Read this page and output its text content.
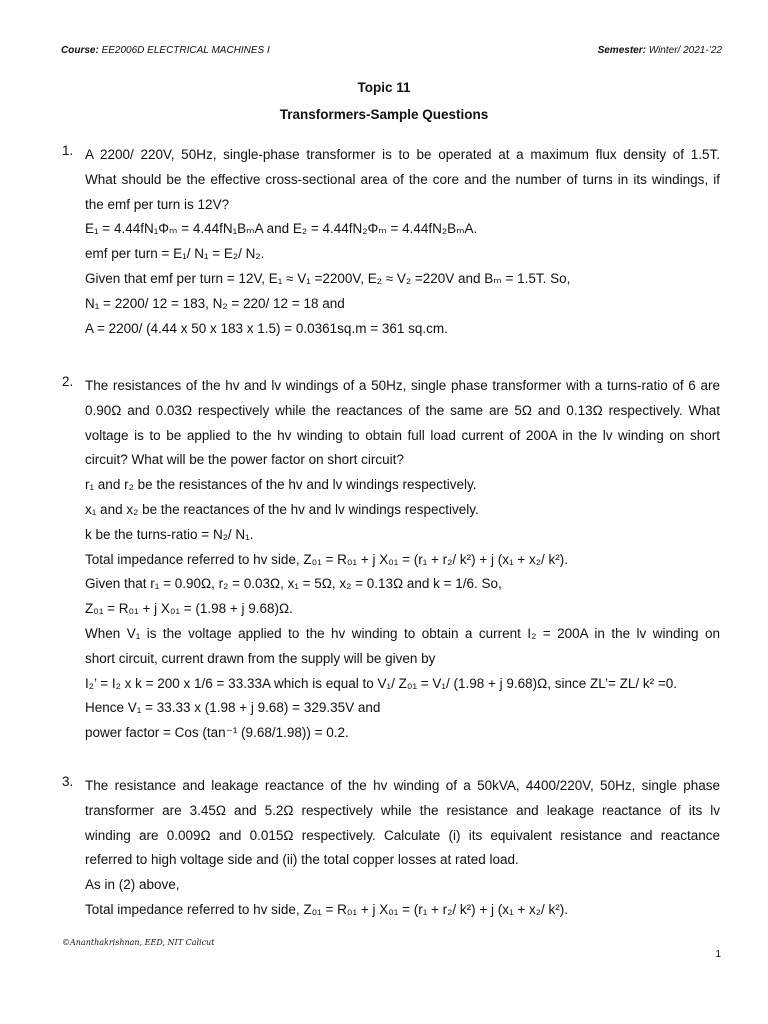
Course: EE2006D ELECTRICAL MACHINES I	Semester: Winter/ 2021-’22
Topic 11
Transformers-Sample Questions
1. A 2200/ 220V, 50Hz, single-phase transformer is to be operated at a maximum flux density of 1.5T.
What should be the effective cross-sectional area of the core and the number of turns in its windings, if
the emf per turn is 12V?
E₁ = 4.44fN₁Φₘ = 4.44fN₁BₘA and E₂ = 4.44fN₂Φₘ = 4.44fN₂BₘA.
emf per turn = E₁/ N₁ = E₂/ N₂.
Given that emf per turn = 12V, E₁ ≈ V₁ =2200V, E₂ ≈ V₂ =220V and Bₘ = 1.5T. So,
N₁ = 2200/ 12 = 183, N₂ = 220/ 12 = 18 and
A = 2200/ (4.44 x 50 x 183 x 1.5) = 0.0361sq.m = 361 sq.cm.
2. The resistances of the hv and lv windings of a 50Hz, single phase transformer with a turns-ratio of 6 are
0.90Ω and 0.03Ω respectively while the reactances of the same are 5Ω and 0.13Ω respectively. What
voltage is to be applied to the hv winding to obtain full load current of 200A in the lv winding on short
circuit? What will be the power factor on short circuit?
r₁ and r₂ be the resistances of the hv and lv windings respectively.
x₁ and x₂ be the reactances of the hv and lv windings respectively.
k be the turns-ratio = N₂/ N₁.
Total impedance referred to hv side, Z₀₁ = R₀₁ + j X₀₁ = (r₁ + r₂/ k²) + j (x₁ + x₂/ k²).
Given that r₁ = 0.90Ω, r₂ = 0.03Ω, x₁ = 5Ω, x₂ = 0.13Ω and k = 1/6. So,
Z₀₁ = R₀₁ + j X₀₁ = (1.98 + j 9.68)Ω.
When V₁ is the voltage applied to the hv winding to obtain a current I₂ = 200A in the lv winding on
short circuit, current drawn from the supply will be given by
I₂’ = I₂ x k = 200 x 1/6 = 33.33A which is equal to V₁/ Z₀₁ = V₁/ (1.98 + j 9.68)Ω, since ZL’= ZL/ k² =0.
Hence V₁ = 33.33 x (1.98 + j 9.68) = 329.35V and
power factor = Cos (tan⁻¹ (9.68/1.98)) = 0.2.
3. The resistance and leakage reactance of the hv winding of a 50kVA, 4400/220V, 50Hz, single phase
transformer are 3.45Ω and 5.2Ω respectively while the resistance and leakage reactance of its lv
winding are 0.009Ω and 0.015Ω respectively. Calculate (i) its equivalent resistance and reactance
referred to high voltage side and (ii) the total copper losses at rated load.
As in (2) above,
Total impedance referred to hv side, Z₀₁ = R₀₁ + j X₀₁ = (r₁ + r₂/ k²) + j (x₁ + x₂/ k²).
©Ananthakrishnan, EED, NIT Calicut
1
